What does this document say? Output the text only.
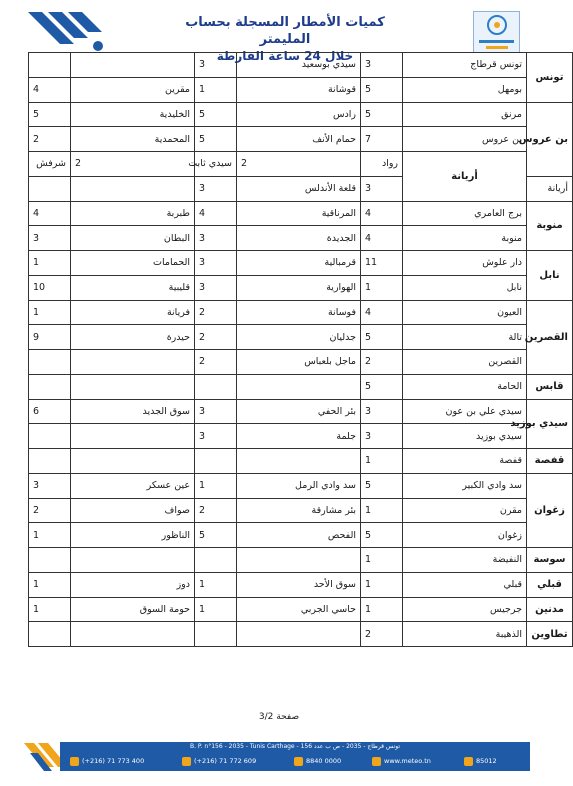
كميات الأمطار المسجلة بحساب المليمتر
خلال 24 ساعة الفارطة
تونس	تونس قرطاج	3	سيدي بوسعيد	3			
	بومهل	5	قوشانة	1	مقرين	4	
بن عروس	مرنق	5	رادس	5	الخليدية	5	
	بن عروس	7	حمام الأنف	5	المحمدية	2	
	أريانة	رواد	2	سيدي ثابت	2	شرفش	
أريانة		3	قلعة الأندلس	3			
منوبة	برج العامري	4	المرناقية	4	طبربة	4	
	منوبة	4	الجديدة	3	البطان	3	
نابل	دار علوش	11	قرمبالية	3	الحمامات	1	
	نابل	1	الهوارية	3	قليبية	10	
القصرين	العيون	4	فوسانة	2	فريانة	1	
	تالة	5	جدليان	2	حيدرة	9	
	القصرين	2	ماجل بلعباس	2			
قابس	الحامة	5					
سيدي بوزيد	سيدي علي بن عون	3	بئر الحفي	3	سوق الجديد	6	
	سيدي بوزيد	3	جلمة	3			
قفصة	قفصة	1					
زغوان	سد وادي الكبير	5	سد وادي الرمل	1	عين عسكر	3	
	مقرن	1	بئر مشارقة	2	صواف	2	
	زغوان	5	الفحص	5	الناظور	1	
سوسة	النفيضة	1					
قبلي	قبلي	1	سوق الأحد	1	دوز	1	
مدنين	جرجيس	1	حاسي الجربي	1	حومة السوق	1	
تطاوين	الذهيبة	2					
صفحة 3/2
B. P. n°156 - 2035 - Tunis Carthage - تونس قرطاج - 2035 - ص ب عدد 156
(+216) 71 773 400	(+216) 71 772 609	8840 0000	www.meteo.tn	85012
